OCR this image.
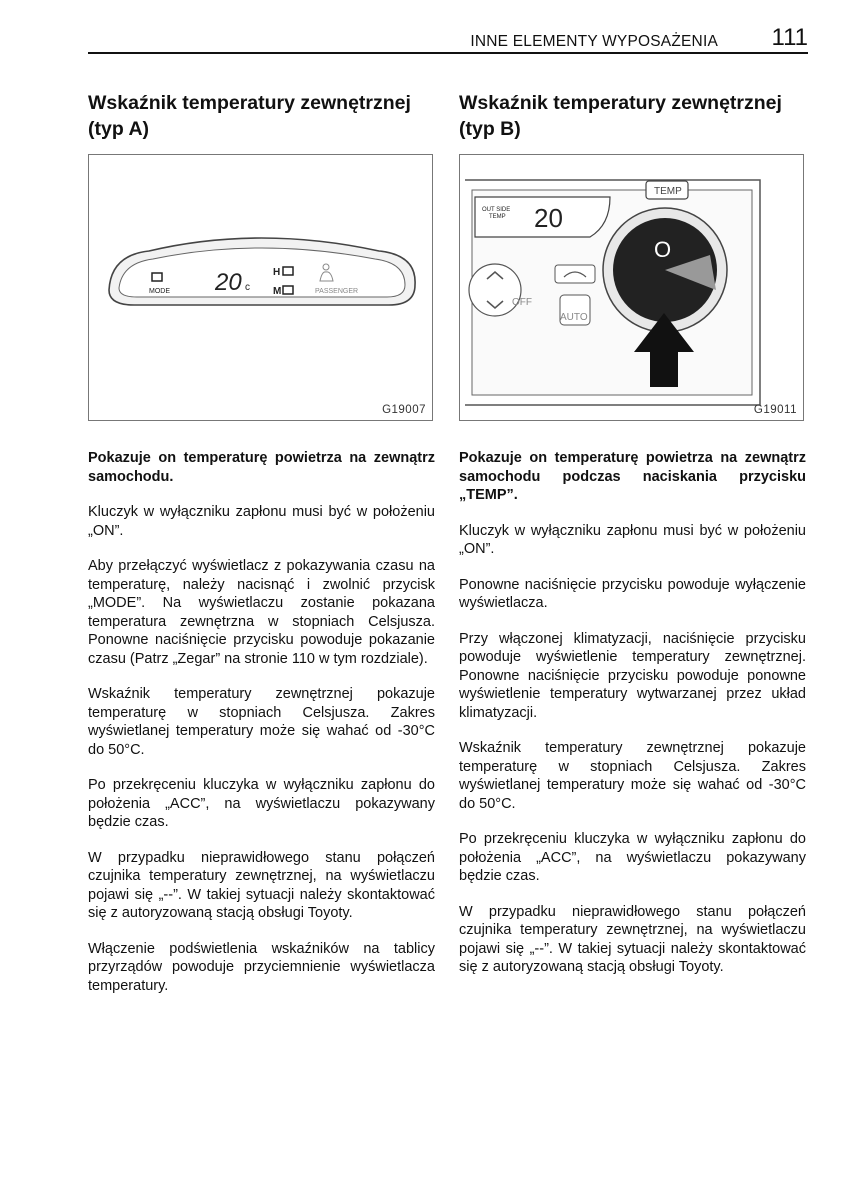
INNE ELEMENTY WYPOSAŻENIA 111
Wskaźnik temperatury zewnętrznej
(typ A)
MODE 20 c
H
M	PASSENGER
G19007

Pokazuje on temperaturę powietrza na zewnątrz samochodu.

Kluczyk w wyłączniku zapłonu musi być w położeniu „ON”.

Aby przełączyć wyświetlacz z pokazywania czasu na temperaturę, należy nacisnąć i zwolnić przycisk „MODE”. Na wyświetlaczu zostanie pokazana temperatura zewnętrzna w stopniach Celsjusza. Ponowne naciśnięcie przycisku powoduje pokazanie czasu (Patrz „Zegar” na stronie 110 w tym rozdziale).

Wskaźnik temperatury zewnętrznej pokazuje temperaturę w stopniach Celsjusza. Zakres wyświetlanej temperatury może się wahać od -30°C do 50°C.

Po przekręceniu kluczyka w wyłączniku zapłonu do położenia „ACC”, na wyświetlaczu pokazywany będzie czas.

W przypadku nieprawidłowego stanu połączeń czujnika temperatury zewnętrznej, na wyświetlaczu pojawi się „--”. W takiej sytuacji należy skontaktować się z autoryzowaną stacją obsługi Toyoty.

Włączenie podświetlenia wskaźników na tablicy przyrządów powoduje przyciemnienie wyświetlacza temperatury.

Wskaźnik temperatury zewnętrznej
(typ B)
OUT SIDE
TEMP 20
TEMP
OFF
AUTO
O
G19011

Pokazuje on temperaturę powietrza na zewnątrz samochodu podczas naciskania przycisku „TEMP”.

Kluczyk w wyłączniku zapłonu musi być w położeniu „ON”.

Ponowne naciśnięcie przycisku powoduje wyłączenie wyświetlacza.

Przy włączonej klimatyzacji, naciśnięcie przycisku powoduje wyświetlenie temperatury zewnętrznej. Ponowne naciśnięcie przycisku powoduje ponowne wyświetlenie temperatury wytwarzanej przez układ klimatyzacji.

Wskaźnik temperatury zewnętrznej pokazuje temperaturę w stopniach Celsjusza. Zakres wyświetlanej temperatury może się wahać od -30°C do 50°C.

Po przekręceniu kluczyka w wyłączniku zapłonu do położenia „ACC”, na wyświetlaczu pokazywany będzie czas.

W przypadku nieprawidłowego stanu połączeń czujnika temperatury zewnętrznej, na wyświetlaczu pojawi się „--”. W takiej sytuacji należy skontaktować się z autoryzowaną stacją obsługi Toyoty.
